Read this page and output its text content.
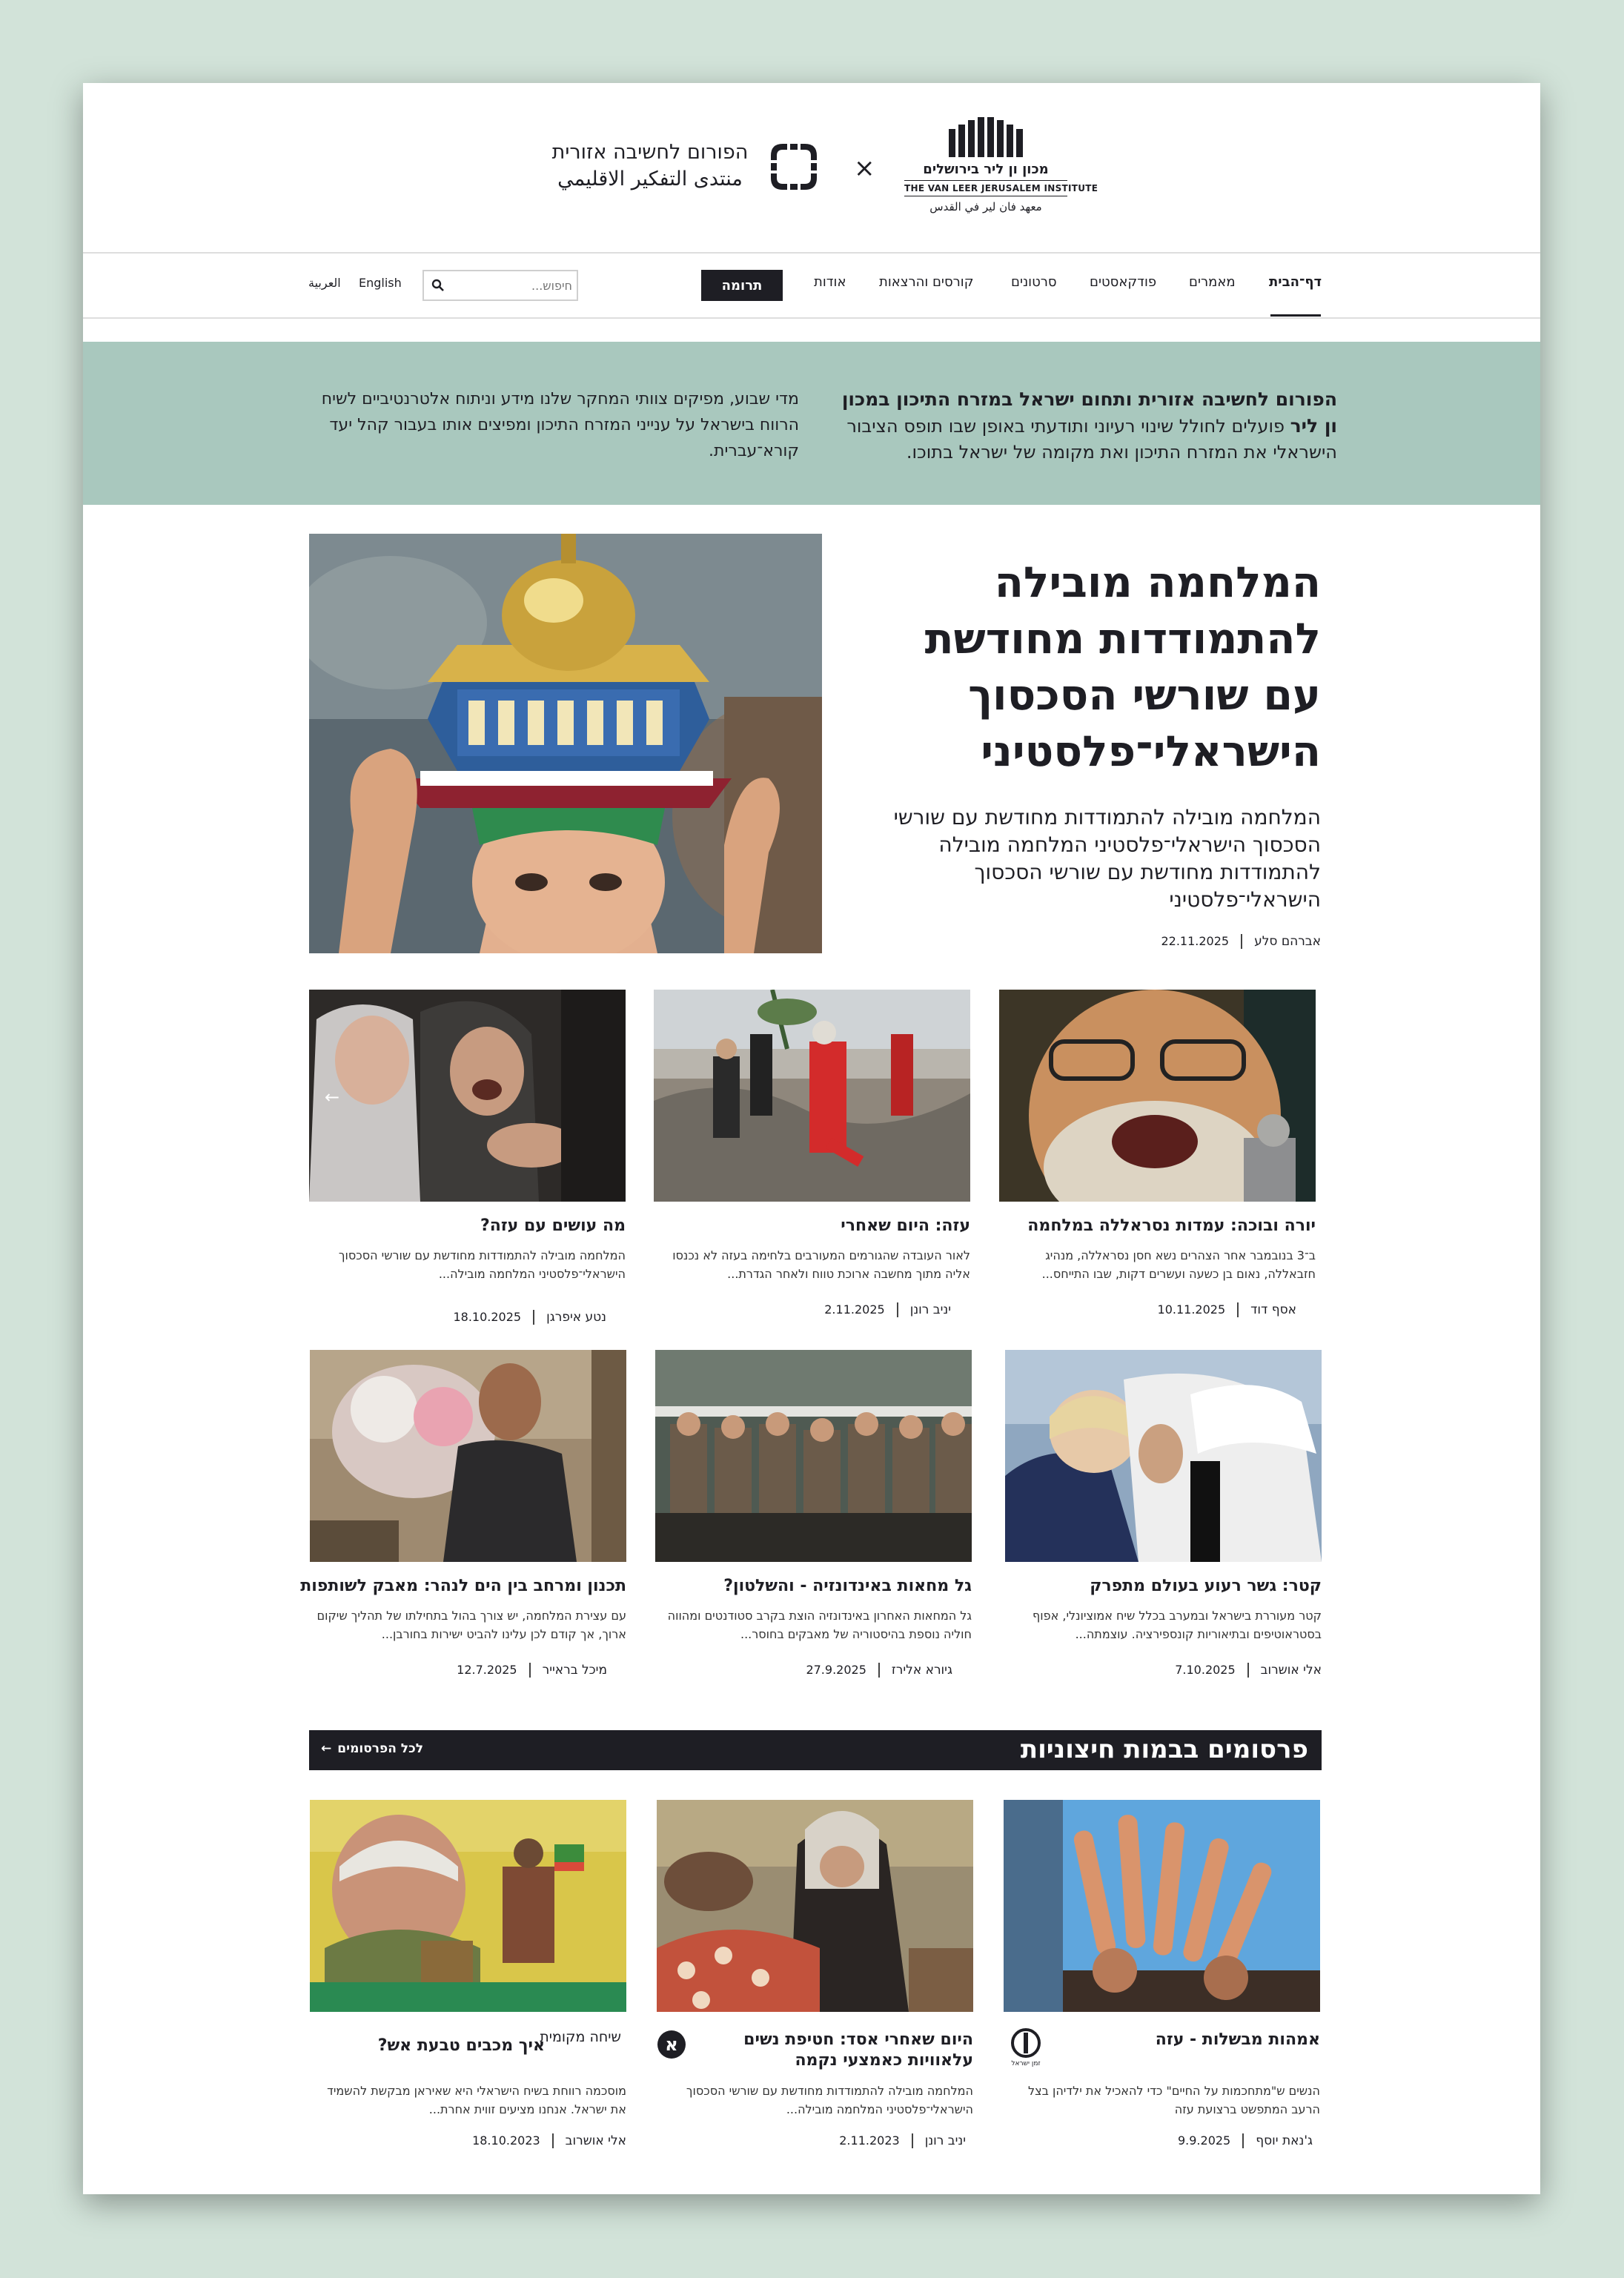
מכון ון ליר בירושלים
THE VAN LEER JERUSALEM INSTITUTE
معهد فان لير في القدس
×
הפורום לחשיבה אזורית
منتدى التفكير الاقليمي
דף־הבית
מאמרים
פודקאסטים
סרטונים
קורסים והרצאות
אודות
תרומה
חיפוש...
English
العربية

הפורום לחשיבה אזורית ותחום ישראל במזרח התיכון במכון ון ליר פועלים לחולל שינוי רעיוני ותודעתי באופן שבו תופס הציבור הישראלי את המזרח התיכון ואת מקומה של ישראל בתוכו.

מדי שבוע, מפיקים צוותי המחקר שלנו מידע וניתוח אלטרנטיביים לשיח הרווח בישראל על ענייני המזרח התיכון ומפיצים אותו בעבור קהל יעד קורא־עברית.

המלחמה מובילה להתמודדות מחודשת עם שורשי הסכסוך הישראלי־פלסטיני

המלחמה מובילה להתמודדות מחודשת עם שורשי הסכסוך הישראלי־פלסטיני המלחמה מובילה להתמודדות מחודשת עם שורשי הסכסוך הישראלי־פלסטיני

אברהם סלע22.11.2025
יורה ובוכה: עמדות נסראללה במלחמה

ב־3 בנובמבר אחר הצהרים נשא חסן נסראללה, מנהיג חזבאללה, נאום בן כשעה ועשרים דקות, שבו התייחס...

אסף דוד10.11.2025
עזה: היום שאחרי

לאור העובדה שהגורמים המעורבים בלחימה בעזה לא נכנסו אליה מתוך מחשבה ארוכת טווח ולאחר הגדרת...

יניב רונן2.11.2025
←
מה עושים עם עזה?

המלחמה מובילה להתמודדות מחודשת עם שורשי הסכסוך הישראלי־פלסטיני המלחמה מובילה...

נטע איפרגן18.10.2025
קטר: גשר רעוע בעולם מתפרק

קטר מעוררת בישראל ובמערב בכלל שיח אמוציונלי, אפוף בסטראוטיפים ובתיאוריות קונספירציה. עוצמתה...

אלי אושרוב7.10.2025
גל מחאות באינדונזיה - והשלטון?

גל המחאות האחרון באינדונזיה הוצת בקרב סטודנטים ומהווה חוליה נוספת בהיסטוריה של מאבקים בחוסר...

גיורא אלירז27.9.2025
תכנון ומרחב בין הים לנהר: מאבק לשותפות

עם עצירת המלחמה, יש צורך בהול בתחילתו של תהליך שיקום ארוך, אך קודם לכן עלינו להביט ישירות בחורבן...

מיכל בראייר12.7.2025
פרסומים בבמות חיצוניות
לכל הפרסומים←
זמן ישראל
אמהות מבשלות - עזה

הנשים ש"מתחכמות על החיים" כדי להאכיל את ילדיהן בצל הרעב המתפשט ברצועת עזה

ג'נאת יוסף9.9.2025
א	היום שאחרי אסד: חטיפת נשים עלאוויות כאמצעי נקמה

המלחמה מובילה להתמודדות מחודשת עם שורשי הסכסוך הישראלי־פלסטיני המלחמה מובילה...

יניב רונן2.11.2023
שיחה מקומית
איך מכבים טבעת אש?

מוסכמה רווחת בשיח הישראלי היא שאיראן מבקשת להשמיד את ישראל. אנחנו מציעים זווית אחרת...

אלי אושרוב18.10.2023
